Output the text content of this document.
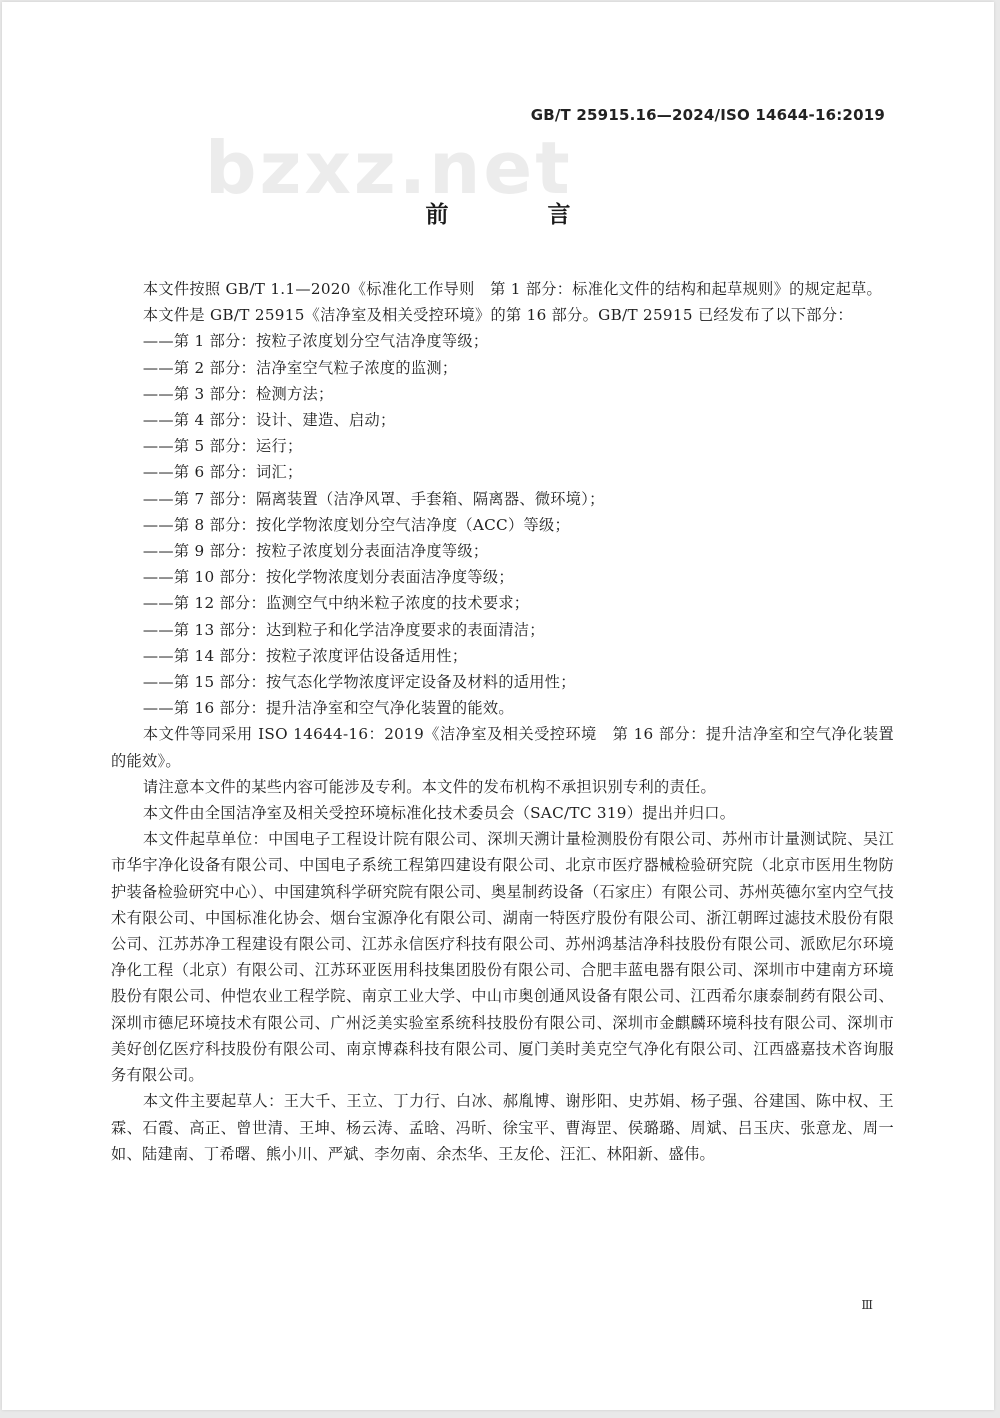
GB/T 25915.16—2024/ISO 14644-16:2019
bzxz.net
前　言

本文件按照 GB/T 1.1—2020《标准化工作导则　第 1 部分：标准化文件的结构和起草规则》的规定起草。

本文件是 GB/T 25915《洁净室及相关受控环境》的第 16 部分。GB/T 25915 已经发布了以下部分：

——第 1 部分：按粒子浓度划分空气洁净度等级；

——第 2 部分：洁净室空气粒子浓度的监测；

——第 3 部分：检测方法；

——第 4 部分：设计、建造、启动；

——第 5 部分：运行；

——第 6 部分：词汇；

——第 7 部分：隔离装置（洁净风罩、手套箱、隔离器、微环境）；

——第 8 部分：按化学物浓度划分空气洁净度（ACC）等级；

——第 9 部分：按粒子浓度划分表面洁净度等级；

——第 10 部分：按化学物浓度划分表面洁净度等级；

——第 12 部分：监测空气中纳米粒子浓度的技术要求；

——第 13 部分：达到粒子和化学洁净度要求的表面清洁；

——第 14 部分：按粒子浓度评估设备适用性；

——第 15 部分：按气态化学物浓度评定设备及材料的适用性；

——第 16 部分：提升洁净室和空气净化装置的能效。

本文件等同采用 ISO 14644-16：2019《洁净室及相关受控环境　第 16 部分：提升洁净室和空气净化装置的能效》。

请注意本文件的某些内容可能涉及专利。本文件的发布机构不承担识别专利的责任。

本文件由全国洁净室及相关受控环境标准化技术委员会（SAC/TC 319）提出并归口。

本文件起草单位：中国电子工程设计院有限公司、深圳天溯计量检测股份有限公司、苏州市计量测试院、吴江市华宇净化设备有限公司、中国电子系统工程第四建设有限公司、北京市医疗器械检验研究院（北京市医用生物防护装备检验研究中心）、中国建筑科学研究院有限公司、奥星制药设备（石家庄）有限公司、苏州英德尔室内空气技术有限公司、中国标准化协会、烟台宝源净化有限公司、湖南一特医疗股份有限公司、浙江朝晖过滤技术股份有限公司、江苏苏净工程建设有限公司、江苏永信医疗科技有限公司、苏州鸿基洁净科技股份有限公司、派欧尼尔环境净化工程（北京）有限公司、江苏环亚医用科技集团股份有限公司、合肥丰蓝电器有限公司、深圳市中建南方环境股份有限公司、仲恺农业工程学院、南京工业大学、中山市奥创通风设备有限公司、江西希尔康泰制药有限公司、深圳市德尼环境技术有限公司、广州泛美实验室系统科技股份有限公司、深圳市金麒麟环境科技有限公司、深圳市美好创亿医疗科技股份有限公司、南京博森科技有限公司、厦门美时美克空气净化有限公司、江西盛嘉技术咨询服务有限公司。

本文件主要起草人：王大千、王立、丁力行、白冰、郝胤博、谢彤阳、史苏娟、杨子强、谷建国、陈中权、王霖、石霞、高正、曾世清、王坤、杨云涛、孟晗、冯昕、徐宝平、曹海罡、侯璐璐、周斌、吕玉庆、张意龙、周一如、陆建南、丁希曙、熊小川、严斌、李勿南、余杰华、王友伦、汪汇、林阳新、盛伟。

Ⅲ
